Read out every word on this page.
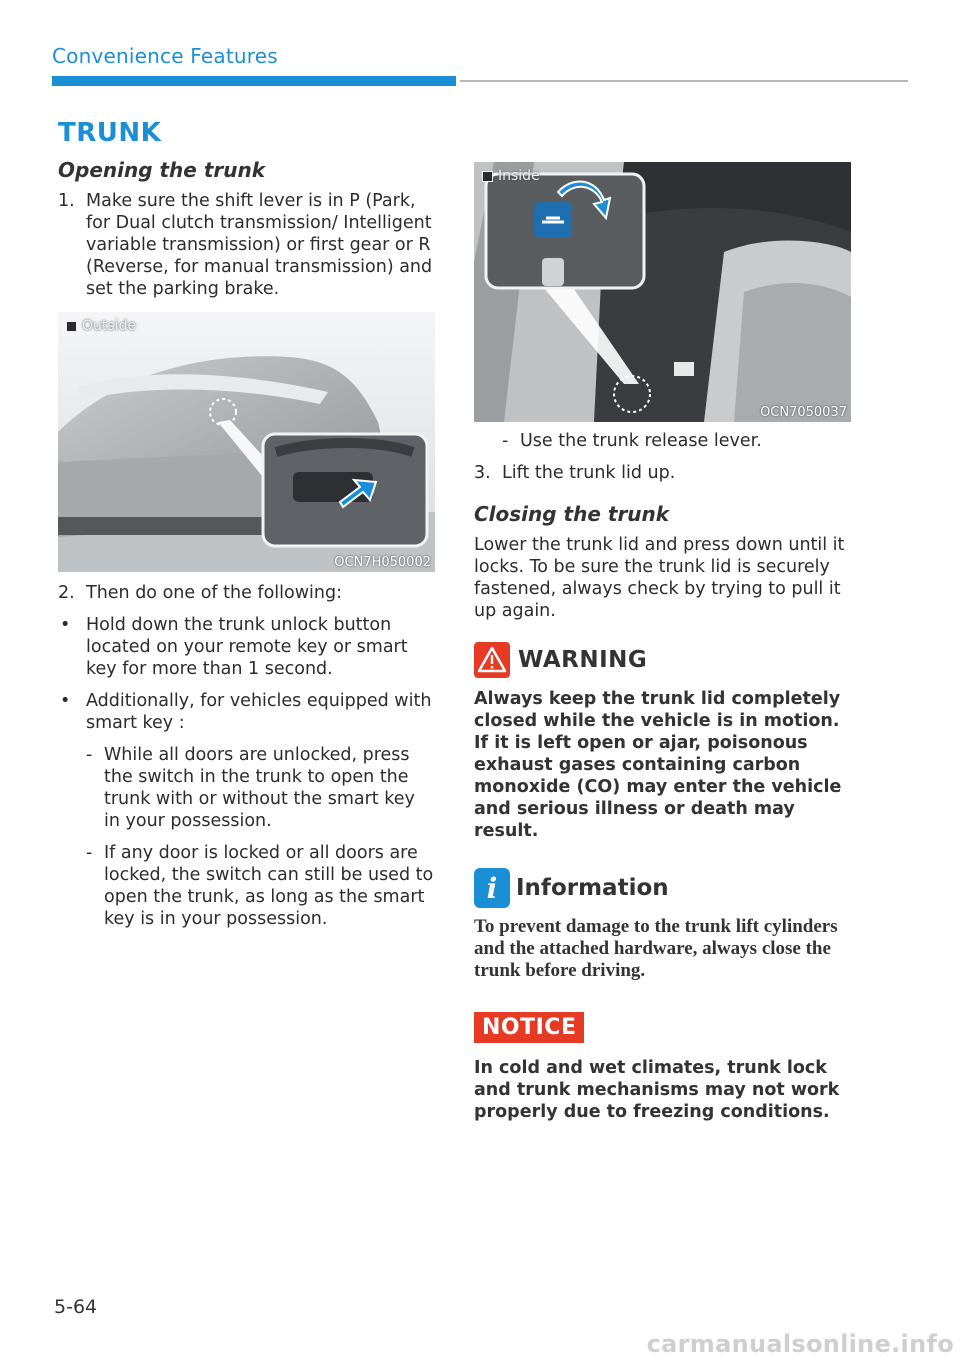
Convenience Features
TRUNK
Opening the trunk
1. Make sure the shift lever is in P (Park, for Dual clutch transmission/ Intelligent variable transmission) or first gear or R (Reverse, for manual transmission) and set the parking brake.
Outside
OCN7H050002
2. Then do one of the following:
• Hold down the trunk unlock button located on your remote key or smart key for more than 1 second.
• Additionally, for vehicles equipped with smart key :
- While all doors are unlocked, press the switch in the trunk to open the trunk with or without the smart key in your possession.
- If any door is locked or all doors are locked, the switch can still be used to open the trunk, as long as the smart key is in your possession.
Inside
OCN7050037
- Use the trunk release lever.
3. Lift the trunk lid up.
Closing the trunk
Lower the trunk lid and press down until it locks. To be sure the trunk lid is securely fastened, always check by trying to pull it up again.
WARNING
Always keep the trunk lid completely closed while the vehicle is in motion. If it is left open or ajar, poisonous exhaust gases containing carbon monoxide (CO) may enter the vehicle and serious illness or death may result.
i Information
To prevent damage to the trunk lift cylinders and the attached hardware, always close the trunk before driving.
NOTICE
In cold and wet climates, trunk lock and trunk mechanisms may not work properly due to freezing conditions.
5-64
carmanualsonline.info
